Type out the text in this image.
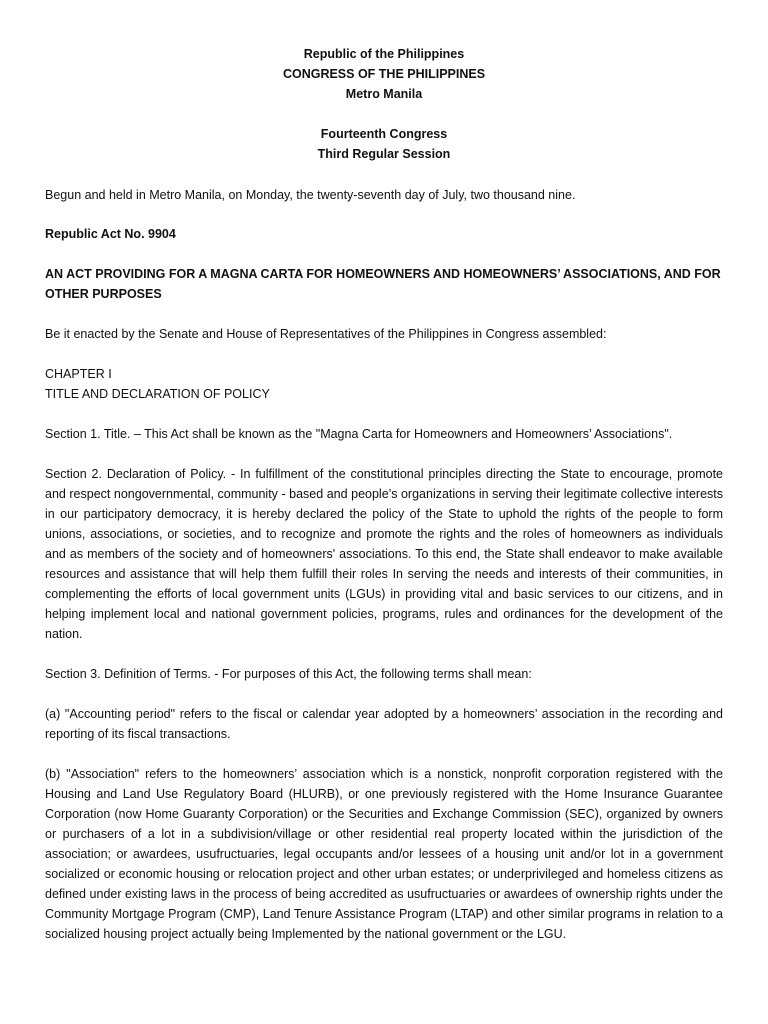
Republic of the Philippines
CONGRESS OF THE PHILIPPINES
Metro Manila
Fourteenth Congress
Third Regular Session

Begun and held in Metro Manila, on Monday, the twenty-seventh day of July, two thousand nine.

Republic Act No. 9904

AN ACT PROVIDING FOR A MAGNA CARTA FOR HOMEOWNERS AND HOMEOWNERS’ ASSOCIATIONS, AND FOR OTHER PURPOSES

Be it enacted by the Senate and House of Representatives of the Philippines in Congress assembled:

CHAPTER I

TITLE AND DECLARATION OF POLICY

Section 1. Title. – This Act shall be known as the "Magna Carta for Homeowners and Homeowners’ Associations".

Section 2. Declaration of Policy. - In fulfillment of the constitutional principles directing the State to encourage, promote and respect nongovernmental, community - based and people’s organizations in serving their legitimate collective interests in our participatory democracy, it is hereby declared the policy of the State to uphold the rights of the people to form unions, associations, or societies, and to recognize and promote the rights and the roles of homeowners as individuals and as members of the society and of homeowners' associations. To this end, the State shall endeavor to make available resources and assistance that will help them fulfill their roles In serving the needs and interests of their communities, in complementing the efforts of local government units (LGUs) in providing vital and basic services to our citizens, and in helping implement local and national government policies, programs, rules and ordinances for the development of the nation.

Section 3. Definition of Terms. - For purposes of this Act, the following terms shall mean:

(a) "Accounting period" refers to the fiscal or calendar year adopted by a homeowners’ association in the recording and reporting of its fiscal transactions.

(b) "Association" refers to the homeowners’ association which is a nonstick, nonprofit corporation registered with the Housing and Land Use Regulatory Board (HLURB), or one previously registered with the Home Insurance Guarantee Corporation (now Home Guaranty Corporation) or the Securities and Exchange Commission (SEC), organized by owners or purchasers of a lot in a subdivision/village or other residential real property located within the jurisdiction of the association; or awardees, usufructuaries, legal occupants and/or lessees of a housing unit and/or lot in a government socialized or economic housing or relocation project and other urban estates; or underprivileged and homeless citizens as defined under existing laws in the process of being accredited as usufructuaries or awardees of ownership rights under the Community Mortgage Program (CMP), Land Tenure Assistance Program (LTAP) and other similar programs in relation to a socialized housing project actually being Implemented by the national government or the LGU.
